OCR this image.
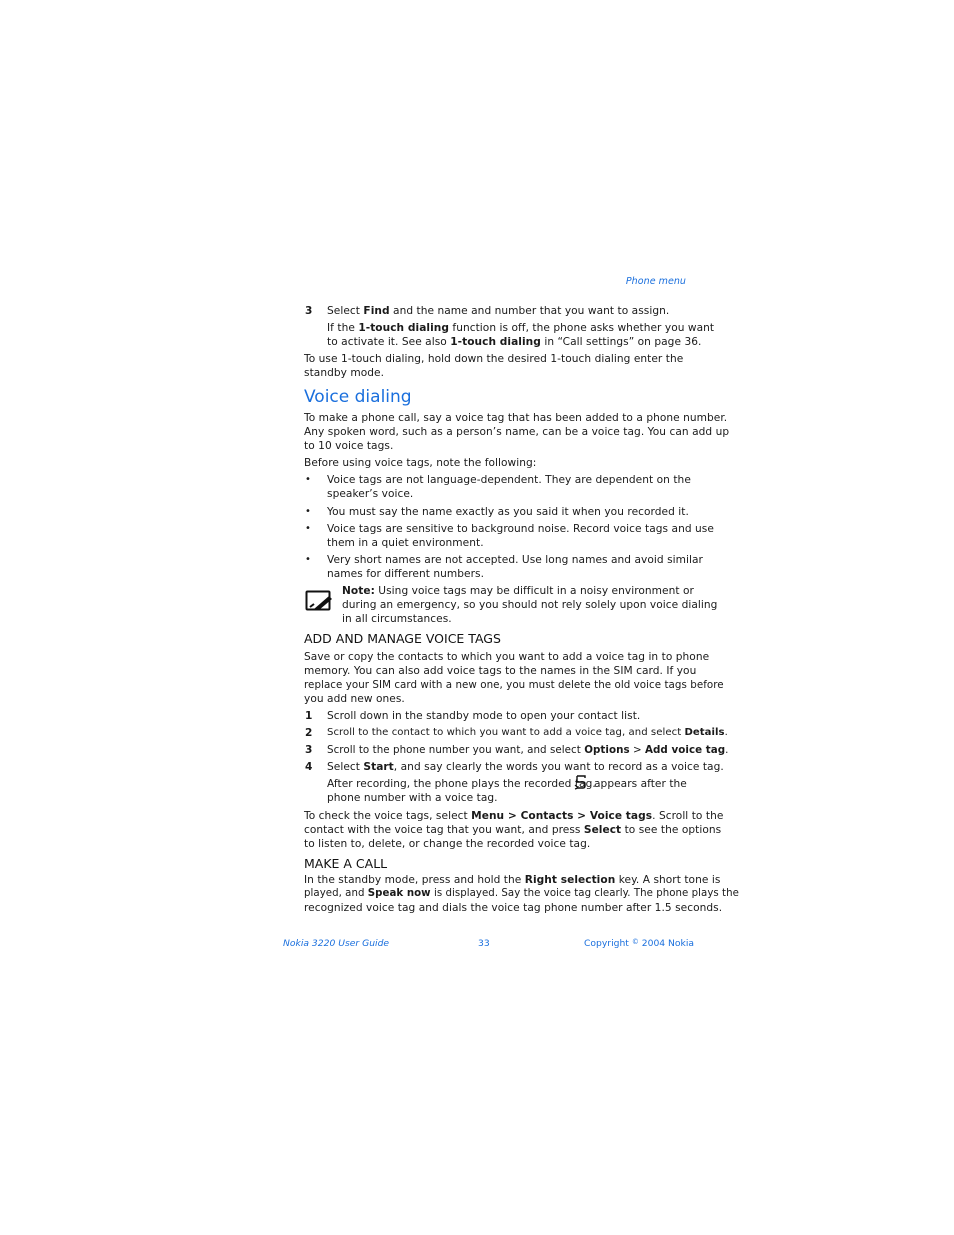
Phone menu
3	Select Find and the name and number that you want to assign.
If the 1-touch dialing function is off, the phone asks whether you want
to activate it. See also 1-touch dialing in “Call settings” on page 36.
To use 1-touch dialing, hold down the desired 1-touch dialing enter the
standby mode.
Voice dialing
To make a phone call, say a voice tag that has been added to a phone number.
Any spoken word, such as a person’s name, can be a voice tag. You can add up
to 10 voice tags.
Before using voice tags, note the following:
•	Voice tags are not language-dependent. They are dependent on the
speaker’s voice.
•	You must say the name exactly as you said it when you recorded it.
•	Voice tags are sensitive to background noise. Record voice tags and use
them in a quiet environment.
•	Very short names are not accepted. Use long names and avoid similar
names for different numbers.
Note: Using voice tags may be difficult in a noisy environment or
during an emergency, so you should not rely solely upon voice dialing
in all circumstances.
ADD AND MANAGE VOICE TAGS
Save or copy the contacts to which you want to add a voice tag in to phone
memory. You can also add voice tags to the names in the SIM card. If you
replace your SIM card with a new one, you must delete the old voice tags before
you add new ones.
1	Scroll down in the standby mode to open your contact list.
2	Scroll to the contact to which you want to add a voice tag, and select Details.
3	Scroll to the phone number you want, and select Options > Add voice tag.
4	Select Start, and say clearly the words you want to record as a voice tag.
After recording, the phone plays the recorded tag.
appears after the
phone number with a voice tag.
To check the voice tags, select Menu > Contacts > Voice tags. Scroll to the
contact with the voice tag that you want, and press Select to see the options
to listen to, delete, or change the recorded voice tag.
MAKE A CALL
In the standby mode, press and hold the Right selection key. A short tone is
played, and Speak now is displayed. Say the voice tag clearly. The phone plays the
recognized voice tag and dials the voice tag phone number after 1.5 seconds.
Nokia 3220 User Guide	33	Copyright © 2004 Nokia
